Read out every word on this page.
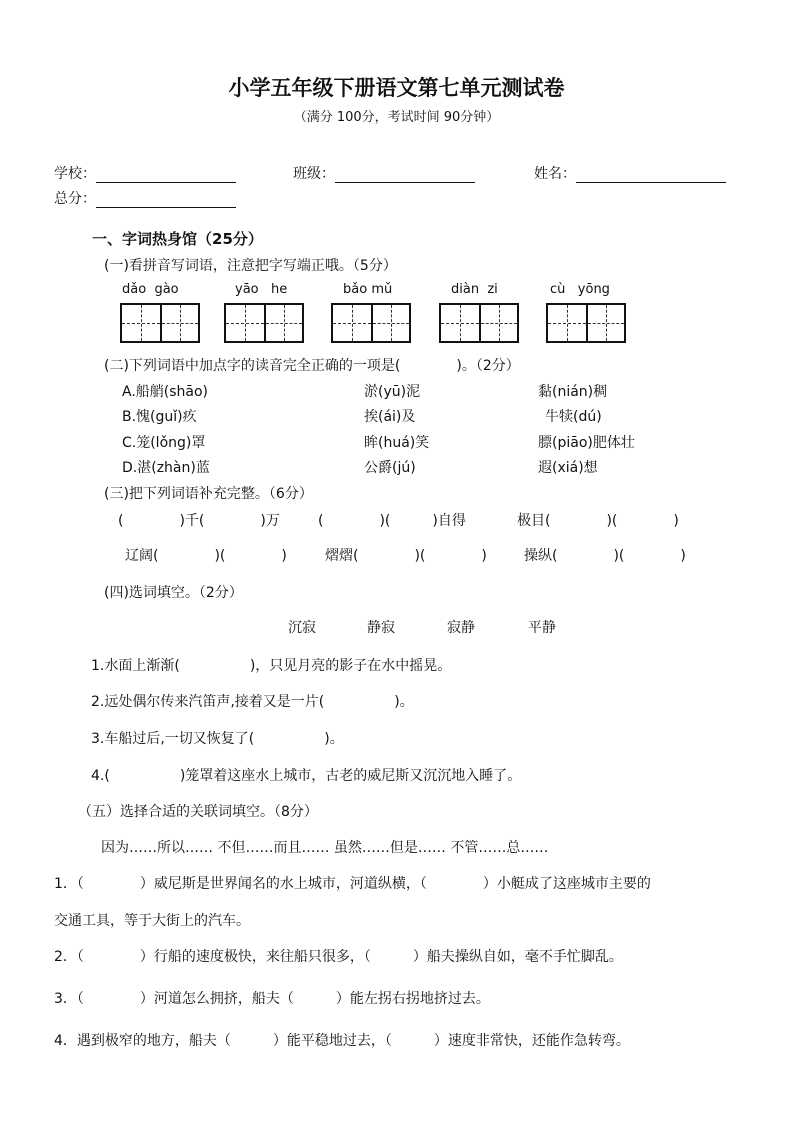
小学五年级下册语文第七单元测试卷
（满分 100分，考试时间 90分钟）
学校：	班级：	姓名：
总分：
一、字词热身馆（25分）
(一)看拼音写词语，注意把字写端正哦。（5分）
dǎo gào	yāo he	bǎo mǔ	diàn zi	cù yōng
(二)下列词语中加点字的读音完全正确的一项是(　　　　)。（2分）
A.船艄(shāo)	淤(yū)泥	黏(nián)稠
B.愧(guǐ)疚	挨(ái)及	牛犊(dú)
C.笼(lǒng)罩	眸(huá)笑	膘(piāo)肥体壮
D.湛(zhàn)蓝	公爵(jú)	遐(xiá)想
(三)把下列词语补充完整。（6分）
(　　　　)千(　　　　)万	(　　　　)(　　　)自得	极目(　　　　)(　　　　)
辽阔(　　　　)(　　　　)	熠熠(　　　　)(　　　　)	操纵(　　　　)(　　　　)
(四)选词填空。（2分）
沉寂	静寂	寂静	平静
1.水面上渐渐(　　　　　)，只见月亮的影子在水中摇晃。
2.远处偶尔传来汽笛声,接着又是一片(　　　　　)。
3.车船过后,一切又恢复了(　　　　　)。
4.(　　　　　)笼罩着这座水上城市，古老的威尼斯又沉沉地入睡了。
（五）选择合适的关联词填空。（8分）
因为……所以…… 不但……而且…… 虽然……但是…… 不管……总……
1．（　　　　）威尼斯是世界闻名的水上城市，河道纵横，（　　　　）小艇成了这座城市主要的
交通工具，等于大街上的汽车。
2．（　　　　）行船的速度极快，来往船只很多，（　　　）船夫操纵自如，毫不手忙脚乱。
3．（　　　　）河道怎么拥挤，船夫（　　　）能左拐右拐地挤过去。
4．遇到极窄的地方，船夫（　　　）能平稳地过去，（　　　）速度非常快，还能作急转弯。
